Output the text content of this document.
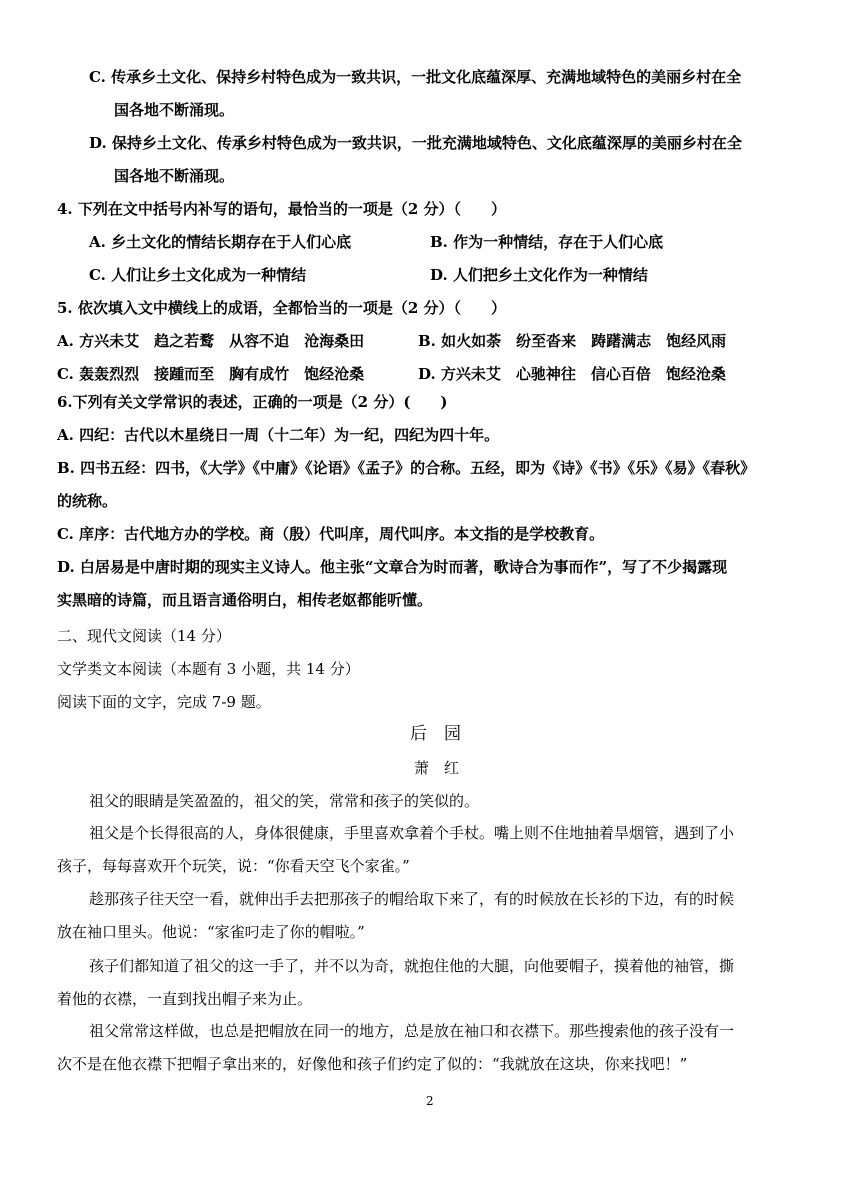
C. 传承乡土文化、保持乡村特色成为一致共识，一批文化底蕴深厚、充满地域特色的美丽乡村在全
国各地不断涌现。
D. 保持乡土文化、传承乡村特色成为一致共识，一批充满地域特色、文化底蕴深厚的美丽乡村在全
国各地不断涌现。
4. 下列在文中括号内补写的语句，最恰当的一项是（2 分）（　　）
A. 乡土文化的情结长期存在于人们心底	B. 作为一种情结，存在于人们心底
C. 人们让乡土文化成为一种情结	D. 人们把乡土文化作为一种情结
5. 依次填入文中横线上的成语，全都恰当的一项是（2 分）（　　）
A. 方兴未艾　趋之若鹜　从容不迫　沧海桑田	B. 如火如荼　纷至沓来　踌躇满志　饱经风雨
C. 轰轰烈烈　接踵而至　胸有成竹　饱经沧桑	D. 方兴未艾　心驰神往　信心百倍　饱经沧桑
6.下列有关文学常识的表述，正确的一项是（2 分）(　　)
A. 四纪：古代以木星绕日一周（十二年）为一纪，四纪为四十年。
B. 四书五经：四书，《大学》《中庸》《论语》《孟子》的合称。五经，即为《诗》《书》《乐》《易》《春秋》
的统称。
C. 庠序：古代地方办的学校。商（殷）代叫庠，周代叫序。本文指的是学校教育。
D. 白居易是中唐时期的现实主义诗人。他主张“文章合为时而著，歌诗合为事而作”，写了不少揭露现
实黑暗的诗篇，而且语言通俗明白，相传老妪都能听懂。
二、现代文阅读（14 分）
文学类文本阅读（本题有 3 小题，共 14 分）
阅读下面的文字，完成 7-9 题。
后　园
萧　红
祖父的眼睛是笑盈盈的，祖父的笑，常常和孩子的笑似的。
祖父是个长得很高的人，身体很健康，手里喜欢拿着个手杖。嘴上则不住地抽着旱烟管，遇到了小
孩子，每每喜欢开个玩笑，说：“你看天空飞个家雀。”
趁那孩子往天空一看，就伸出手去把那孩子的帽给取下来了，有的时候放在长衫的下边，有的时候
放在袖口里头。他说：“家雀叼走了你的帽啦。”
孩子们都知道了祖父的这一手了，并不以为奇，就抱住他的大腿，向他要帽子，摸着他的袖管，撕
着他的衣襟，一直到找出帽子来为止。
祖父常常这样做，也总是把帽放在同一的地方，总是放在袖口和衣襟下。那些搜索他的孩子没有一
次不是在他衣襟下把帽子拿出来的，好像他和孩子们约定了似的：“我就放在这块，你来找吧！”
2
